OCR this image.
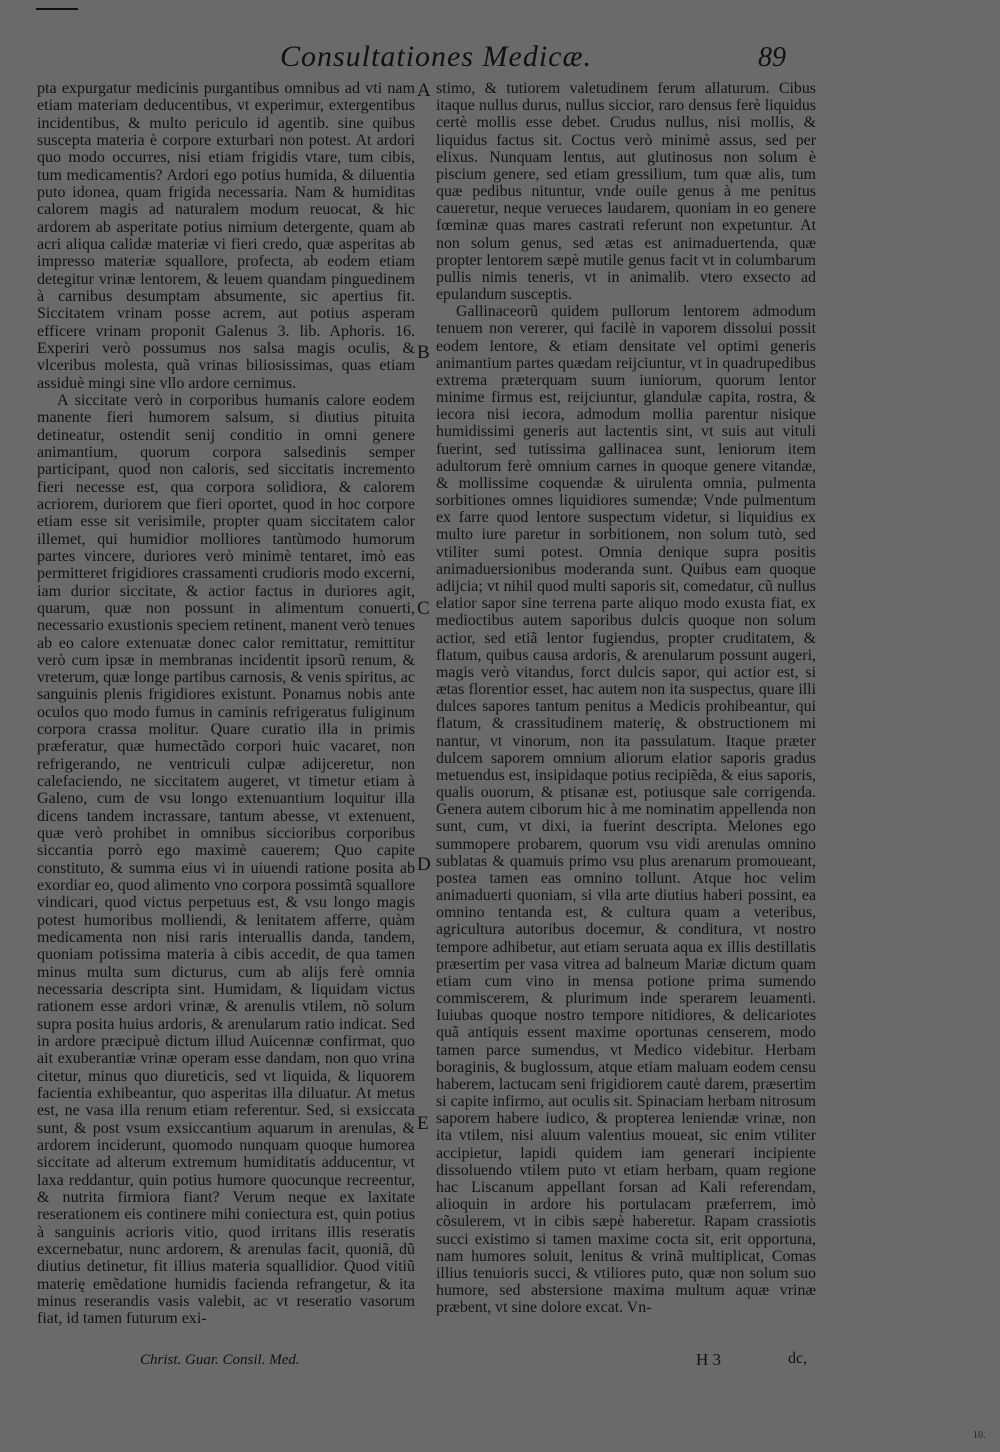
Consultationes Medicæ.	89

pta expurgatur medicinis purgantibus omnibus ad vti nam etiam materiam deducentibus, vt experimur, extergentibus incidentibus, & multo periculo id agentib. sine quibus suscepta materia è corpore exturbari non potest. At ardori quo modo occurres, nisi etiam frigidis vtare, tum cibis, tum medicamentis? Ardori ego potius humida, & diluentia puto idonea, quam frigida necessaria. Nam & humiditas calorem magis ad naturalem modum reuocat, & hic ardorem ab asperitate potius nimium detergente, quam ab acri aliqua calidæ materiæ vi fieri credo, quæ asperitas ab impresso materiæ squallore, profecta, ab eodem etiam detegitur vrinæ lentorem, & leuem quandam pinguedinem à carnibus desumptam absumente, sic apertius fit. Siccitatem vrinam posse acrem, aut potius asperam efficere vrinam proponit Galenus 3. lib. Aphoris. 16. Experiri verò possumus nos salsa magis oculis, & vlceribus molesta, quã vrinas biliosissimas, quas etiam assiduè mingi sine vllo ardore cernimus.

A siccitate verò in corporibus humanis calore eodem manente fieri humorem salsum, si diutius pituita detineatur, ostendit senij conditio in omni genere animantium, quorum corpora salsedinis semper participant, quod non caloris, sed siccitatis incremento fieri necesse est, qua corpora solidiora, & calorem acriorem, duriorem que fieri oportet, quod in hoc corpore etiam esse sit verisimile, propter quam siccitatem calor illemet, qui humidior molliores tantùmodo humorum partes vincere, duriores verò minimè tentaret, imò eas permitteret frigidiores crassamenti crudioris modo excerni, iam durior siccitate, & actior factus in duriores agit, quarum, quæ non possunt in alimentum conuerti, necessario exustionis speciem retinent, manent verò tenues ab eo calore extenuatæ donec calor remittatur, remittitur verò cum ipsæ in membranas incidentit ipsorũ renum, & vreterum, quæ longe partibus carnosis, & venis spiritus, ac sanguinis plenis frigidiores existunt. Ponamus nobis ante oculos quo modo fumus in caminis refrigeratus fuliginum corpora crassa molitur. Quare curatio illa in primis præferatur, quæ humectãdo corpori huic vacaret, non refrigerando, ne ventriculi culpæ adijceretur, non calefaciendo, ne siccitatem augeret, vt timetur etiam à Galeno, cum de vsu longo extenuantium loquitur illa dicens tandem incrassare, tantum abesse, vt extenuent, quæ verò prohibet in omnibus siccioribus corporibus siccantia porrò ego maximè cauerem; Quo capite constituto, & summa eius vi in uiuendi ratione posita ab exordiar eo, quod alimento vno corpora possimtã squallore vindicari, quod victus perpetuus est, & vsu longo magis potest humoribus molliendi, & lenitatem afferre, quàm medicamenta non nisi raris interuallis danda, tandem, quoniam potissima materia à cibis accedit, de qua tamen minus multa sum dicturus, cum ab alijs ferè omnia necessaria descripta sint. Humidam, & liquidam victus rationem esse ardori vrinæ, & arenulis vtilem, nõ solum supra posita huius ardoris, & arenularum ratio indicat. Sed in ardore præcipuè dictum illud Auicennæ confirmat, quo ait exuberantiæ vrinæ operam esse dandam, non quo vrina citetur, minus quo diureticis, sed vt liquida, & liquorem facientia exhibeantur, quo asperitas illa diluatur. At metus est, ne vasa illa renum etiam referentur. Sed, si exsiccata sunt, & post vsum exsiccantium aquarum in arenulas, & ardorem inciderunt, quomodo nunquam quoque humorea siccitate ad alterum extremum humiditatis adducentur, vt laxa reddantur, quin potius humore quocunque recreentur, & nutrita firmiora fiant? Verum neque ex laxitate reserationem eis continere mihi coniectura est, quin potius à sanguinis acrioris vitio, quod irritans illis reseratis excernebatur, nunc ardorem, & arenulas facit, quoniã, dũ diutius detinetur, fit illius materia squallidior. Quod vitiũ materię emẽdatione humidis facienda refrangetur, & ita minus reserandis vasis valebit, ac vt reseratio vasorum fiat, id tamen futurum exi-

A
B
C
D
E

stimo, & tutiorem valetudinem ferum allaturum. Cibus itaque nullus durus, nullus siccior, raro densus ferè liquidus certè mollis esse debet. Crudus nullus, nisi mollis, & liquidus factus sit. Coctus verò minimè assus, sed per elixus. Nunquam lentus, aut glutinosus non solum è piscium genere, sed etiam gressilium, tum quæ alis, tum quæ pedibus nituntur, vnde ouile genus à me penitus caueretur, neque verueces laudarem, quoniam in eo genere fœminæ quas mares castrati referunt non expetuntur. At non solum genus, sed ætas est animaduertenda, quæ propter lentorem sæpè mutile genus facit vt in columbarum pullis nimis teneris, vt in animalib. vtero exsecto ad epulandum susceptis.

Gallinaceorũ quidem pullorum lentorem admodum tenuem non vererer, qui facilè in vaporem dissolui possit eodem lentore, & etiam densitate vel optimi generis animantium partes quædam reijciuntur, vt in quadrupedibus extrema præterquam suum iuniorum, quorum lentor minime firmus est, reijciuntur, glandulæ capita, rostra, & iecora nisi iecora, admodum mollia parentur nisique humidissimi generis aut lactentis sint, vt suis aut vituli fuerint, sed tutissima gallinacea sunt, leniorum item adultorum ferè omnium carnes in quoque genere vitandæ, & mollissime coquendæ & uirulenta omnia, pulmenta sorbitiones omnes liquidiores sumendæ; Vnde pulmentum ex farre quod lentore suspectum videtur, si liquidius ex multo iure paretur in sorbitionem, non solum tutò, sed vtiliter sumi potest. Omnia denique supra positis animaduersionibus moderanda sunt. Quibus eam quoque adijcia; vt nihil quod multi saporis sit, comedatur, cũ nullus elatior sapor sine terrena parte aliquo modo exusta fiat, ex medioctibus autem saporibus dulcis quoque non solum actior, sed etiã lentor fugiendus, propter cruditatem, & flatum, quibus causa ardoris, & arenularum possunt augeri, magis verò vitandus, forct dulcis sapor, qui actior est, si ætas florentior esset, hac autem non ita suspectus, quare illi dulces sapores tantum penitus a Medicis prohibeantur, qui flatum, & crassitudinem materię, & obstructionem mi nantur, vt vinorum, non ita passulatum. Itaque præter dulcem saporem omnium aliorum elatior saporis gradus metuendus est, insipidaque potius recipiẽda, & eius saporis, qualis ouorum, & ptisanæ est, potiusque sale corrigenda. Genera autem ciborum hic à me nominatim appellenda non sunt, cum, vt dixi, ia fuerint descripta. Melones ego summopere probarem, quorum vsu vidi arenulas omnino sublatas & quamuis primo vsu plus arenarum promoueant, postea tamen eas omnino tollunt. Atque hoc velim animaduerti quoniam, si vlla arte diutius haberi possint, ea omnino tentanda est, & cultura quam a veteribus, agricultura autoribus docemur, & conditura, vt nostro tempore adhibetur, aut etiam seruata aqua ex illis destillatis præsertim per vasa vitrea ad balneum Mariæ dictum quam etiam cum vino in mensa potione prima sumendo commiscerem, & plurimum inde sperarem leuamenti. Iuiubas quoque nostro tempore nitidiores, & delicariotes quã antiquis essent maxime oportunas censerem, modo tamen parce sumendus, vt Medico videbitur. Herbam boraginis, & buglossum, atque etiam maluam eodem censu haberem, lactucam seni frigidiorem cautè darem, præsertim si capite infirmo, aut oculis sit. Spinaciam herbam nitrosum saporem habere iudico, & propterea leniendæ vrinæ, non ita vtilem, nisi aluum valentius moueat, sic enim vtiliter accipietur, lapidi quidem iam generari incipiente dissoluendo vtilem puto vt etiam herbam, quam regione hac Liscanum appellant forsan ad Kali referendam, alioquin in ardore his portulacam præferrem, imò cõsulerem, vt in cibis sæpè haberetur. Rapam crassiotis succi existimo si tamen maxime cocta sit, erit opportuna, nam humores soluit, lenitus & vrinã multiplicat, Comas illius tenuioris succi, & vtiliores puto, quæ non solum suo humore, sed abstersione maxima multum aquæ vrinæ præbent, vt sine dolore excat. Vn-

Christ. Guar. Consil. Med.	H 3	dc,
10.
